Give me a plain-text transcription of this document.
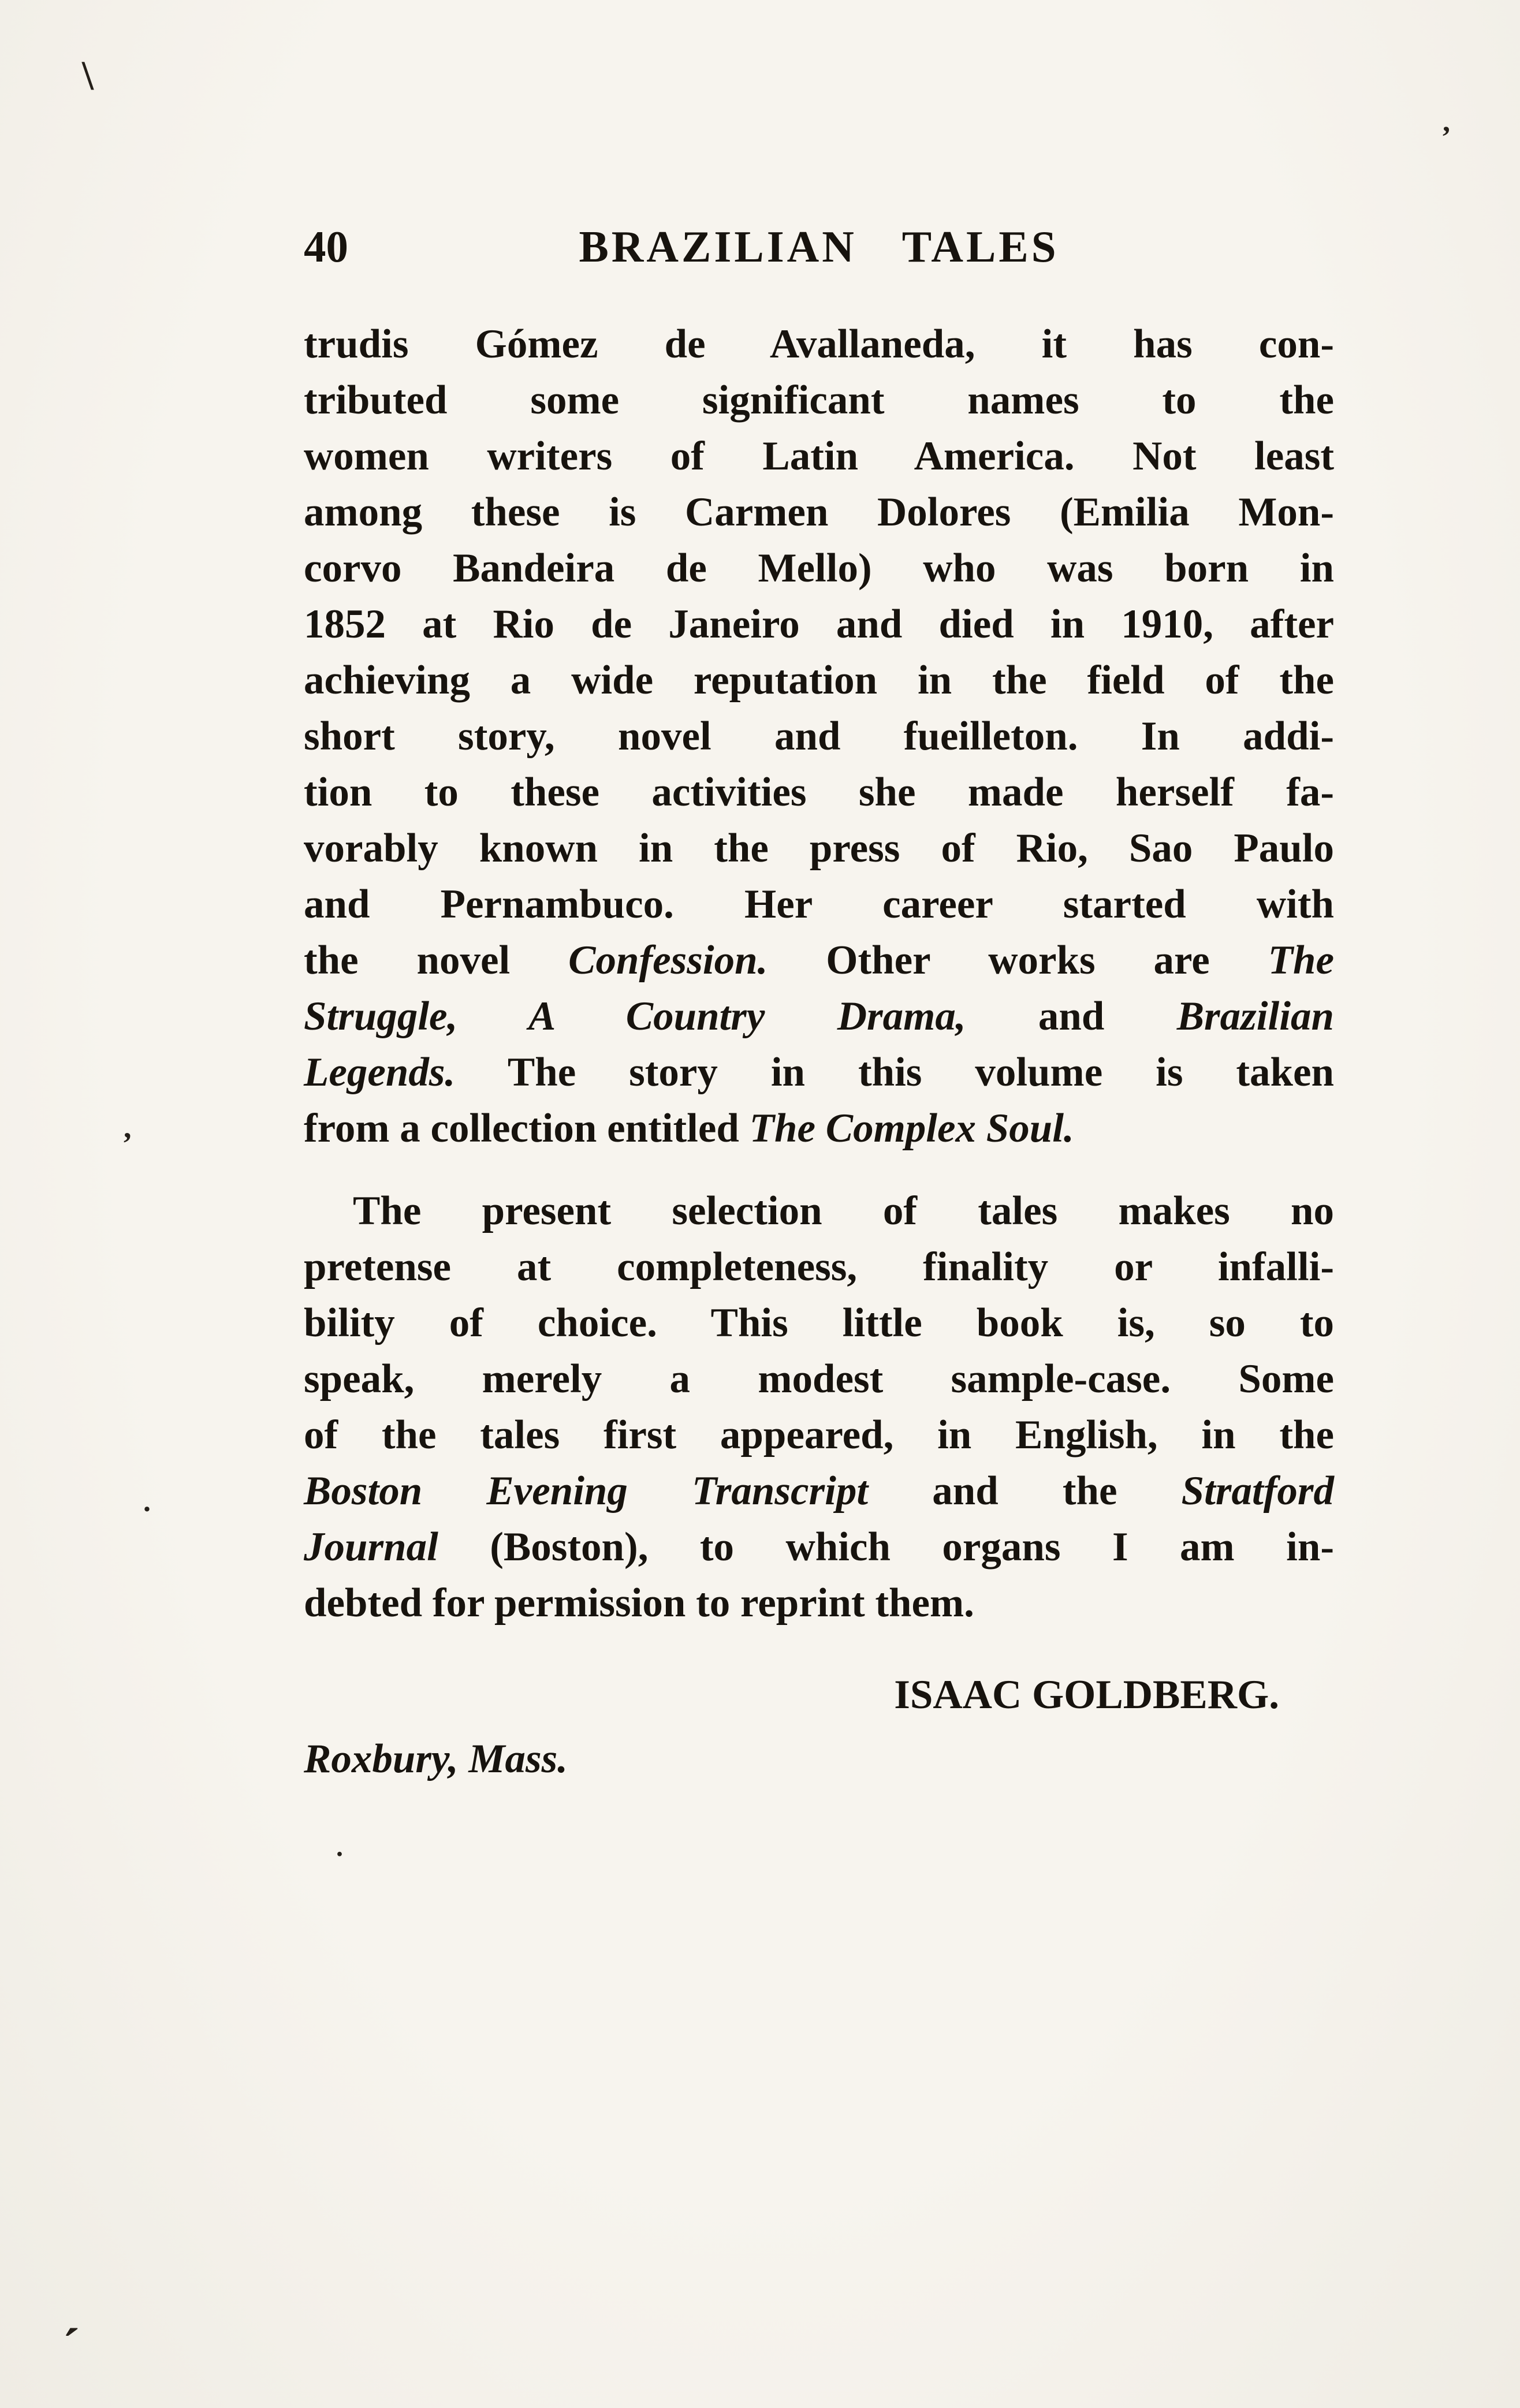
40	BRAZILIAN TALES
trudis Gómez de Avallaneda, it has con-
tributed some significant names to the
women writers of Latin America. Not least
among these is Carmen Dolores (Emilia Mon-
corvo Bandeira de Mello) who was born in
1852 at Rio de Janeiro and died in 1910, after
achieving a wide reputation in the field of the
short story, novel and fueilleton. In addi-
tion to these activities she made herself fa-
vorably known in the press of Rio, Sao Paulo
and Pernambuco. Her career started with
the novel Confession. Other works are The
Struggle, A Country Drama, and Brazilian
Legends. The story in this volume is taken
from a collection entitled The Complex Soul.
The present selection of tales makes no
pretense at completeness, finality or infalli-
bility of choice. This little book is, so to
speak, merely a modest sample-case. Some
of the tales first appeared, in English, in the
Boston Evening Transcript and the Stratford
Journal (Boston), to which organs I am in-
debted for permission to reprint them.
ISAAC GOLDBERG.
Roxbury, Mass.
\
,
,
.
.
´
